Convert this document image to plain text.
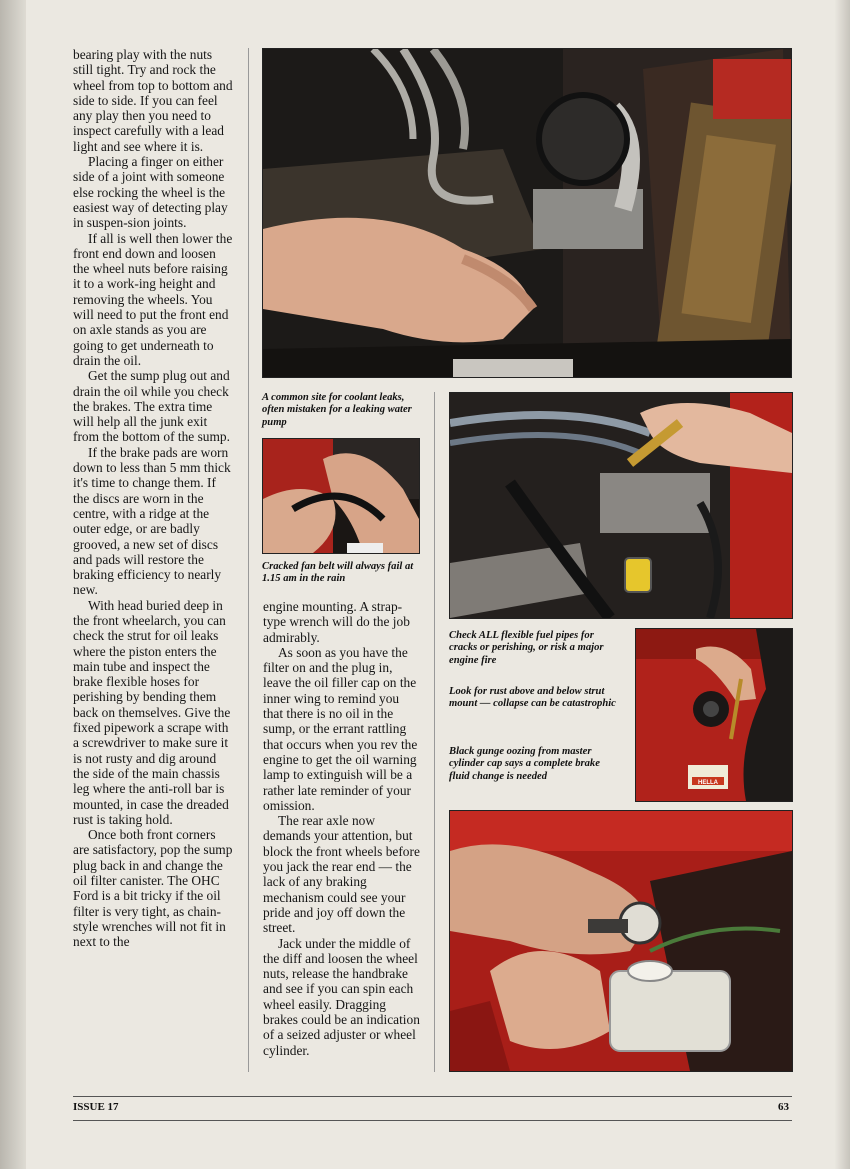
bearing play with the nuts still tight. Try and rock the wheel from top to bottom and side to side. If you can feel any play then you need to inspect carefully with a lead light and see where it is.

Placing a finger on either side of a joint with someone else rocking the wheel is the easiest way of detecting play in suspen-sion joints.

If all is well then lower the front end down and loosen the wheel nuts before raising it to a work-ing height and removing the wheels. You will need to put the front end on axle stands as you are going to get underneath to drain the oil.

Get the sump plug out and drain the oil while you check the brakes. The extra time will help all the junk exit from the bottom of the sump.

If the brake pads are worn down to less than 5 mm thick it's time to change them. If the discs are worn in the centre, with a ridge at the outer edge, or are badly grooved, a new set of discs and pads will restore the braking efficiency to nearly new.

With head buried deep in the front wheelarch, you can check the strut for oil leaks where the piston enters the main tube and inspect the brake flexible hoses for perishing by bending them back on themselves. Give the fixed pipework a scrape with a screwdriver to make sure it is not rusty and dig around the side of the main chassis leg where the anti-roll bar is mounted, in case the dreaded rust is taking hold.

Once both front corners are satisfactory, pop the sump plug back in and change the oil filter canister. The OHC Ford is a bit tricky if the oil filter is very tight, as chain-style wrenches will not fit in next to the

A common site for coolant leaks, often mistaken for a leaking water pump
Cracked fan belt will always fail at 1.15 am in the rain

engine mounting. A strap-type wrench will do the job admirably.

As soon as you have the filter on and the plug in, leave the oil filler cap on the inner wing to remind you that there is no oil in the sump, or the errant rattling that occurs when you rev the engine to get the oil warning lamp to extinguish will be a rather late reminder of your omission.

The rear axle now demands your attention, but block the front wheels before you jack the rear end — the lack of any braking mechanism could see your pride and joy off down the street.

Jack under the middle of the diff and loosen the wheel nuts, release the handbrake and see if you can spin each wheel easily. Dragging brakes could be an indication of a seized adjuster or wheel cylinder.

Check ALL flexible fuel pipes for cracks or perishing, or risk a major engine fire
Look for rust above and below strut mount — collapse can be catastrophic
Black gunge oozing from master cylinder cap says a complete brake fluid change is needed
HELLA
ISSUE 17	63
